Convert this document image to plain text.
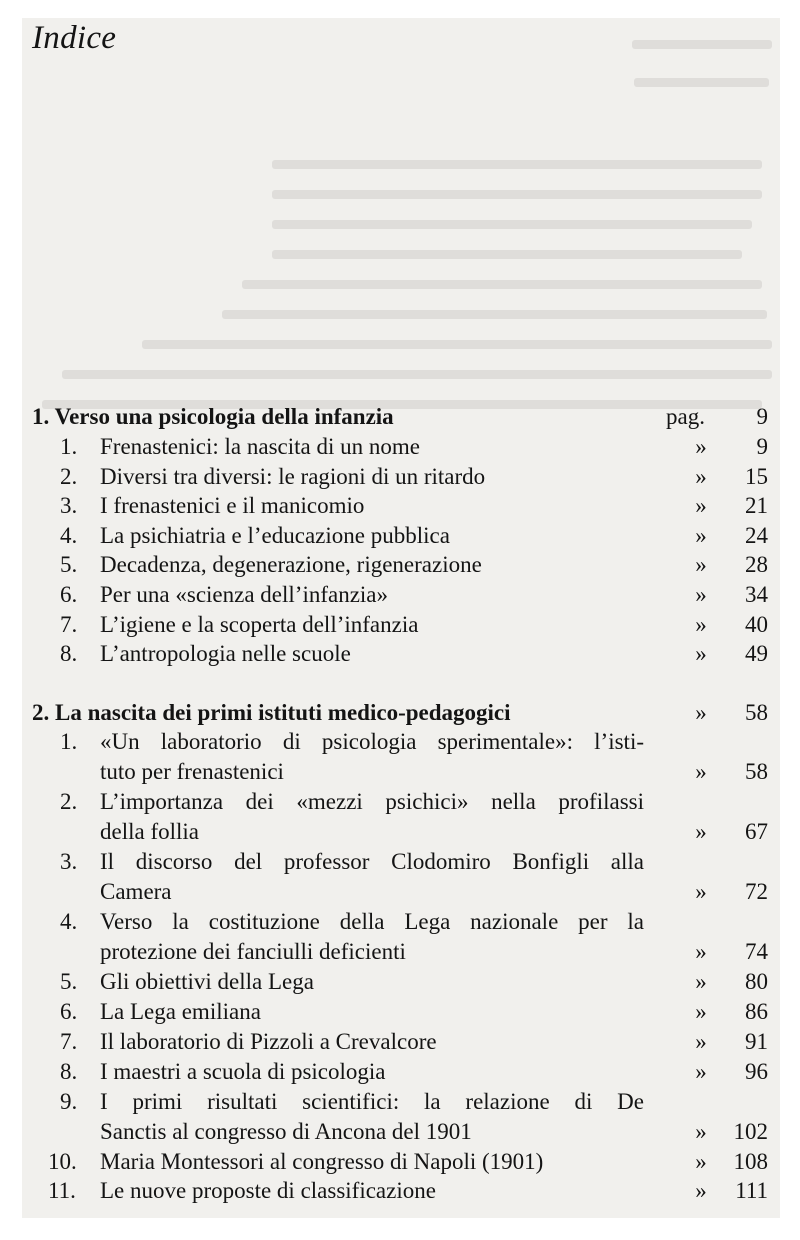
Indice
1. Verso una psicologia della infanzia	pag. 9
1. Frenastenici: la nascita di un nome	»	9
2. Diversi tra diversi: le ragioni di un ritardo	»	15
3. I frenastenici e il manicomio	»	21
4. La psichiatria e l’educazione pubblica	»	24
5. Decadenza, degenerazione, rigenerazione	»	28
6. Per una «scienza dell’infanzia»	»	34
7. L’igiene e la scoperta dell’infanzia	»	40
8. L’antropologia nelle scuole	»	49
2. La nascita dei primi istituti medico-pedagogici	»	58
1. «Un laboratorio di psicologia sperimentale»: l’isti-
tuto per frenastenici	»	58
2. L’importanza dei «mezzi psichici» nella profilassi
della follia	»	67
3. Il discorso del professor Clodomiro Bonfigli alla
Camera	»	72
4. Verso la costituzione della Lega nazionale per la
protezione dei fanciulli deficienti	»	74
5. Gli obiettivi della Lega	»	80
6. La Lega emiliana	»	86
7. Il laboratorio di Pizzoli a Crevalcore	»	91
8. I maestri a scuola di psicologia	»	96
9. I primi risultati scientifici: la relazione di De
Sanctis al congresso di Ancona del 1901	»	102
10. Maria Montessori al congresso di Napoli (1901)	»	108
11. Le nuove proposte di classificazione	»	111
